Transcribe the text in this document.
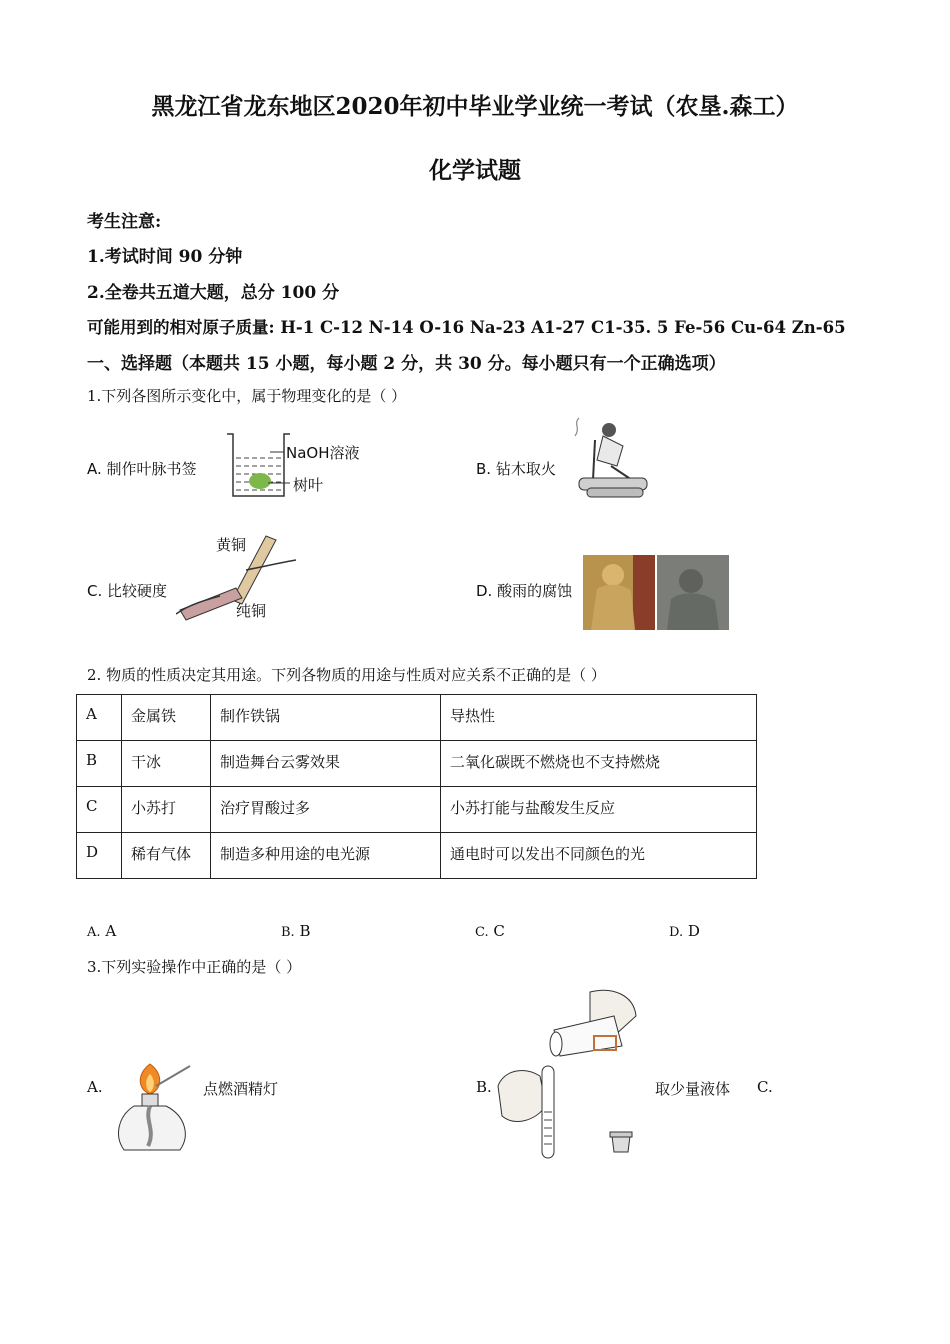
黑龙江省龙东地区2020年初中毕业学业统一考试（农垦.森工）
化学试题
考生注意:
1.考试时间 90 分钟
2.全卷共五道大题，总分 100 分
可能用到的相对原子质量: H-1 C-12 N-14 O-16 Na-23 A1-27 C1-35. 5 Fe-56 Cu-64 Zn-65
一、选择题（本题共 15 小题，每小题 2 分，共 30 分。每小题只有一个正确选项）
1.下列各图所示变化中，属于物理变化的是（ ）
A. 制作叶脉书签
NaOH溶液
树叶
B. 钻木取火
C. 比较硬度
黄铜
纯铜
D. 酸雨的腐蚀
2. 物质的性质决定其用途。下列各物质的用途与性质对应关系不正确的是（ ）
A	金属铁	制作铁锅	导热性
B	干冰	制造舞台云雾效果	二氧化碳既不燃烧也不支持燃烧
C	小苏打	治疗胃酸过多	小苏打能与盐酸发生反应
D	稀有气体	制造多种用途的电光源	通电时可以发出不同颜色的光
A. A	B. B	C. C	D. D
3.下列实验操作中正确的是（ ）
A.	点燃酒精灯	B.	取少量液体 C.
